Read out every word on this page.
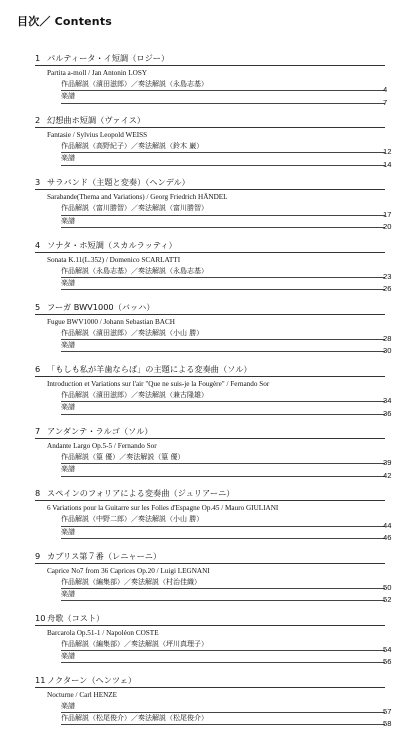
目次／ Contents
1 パルティータ・イ短調（ロジー）
Partita a-moll / Jan Antonin LOSY
作品解説（濱田滋郎）／奏法解説（永島志基）
4
楽譜
7
2 幻想曲ホ短調（ヴァイス）
Fantasie / Sylvius Leopold WEISS
作品解説（高野紀子）／奏法解説（鈴木 巌）
12
楽譜
14
3 サラバンド（主題と変奏）（ヘンデル）
Sarabande(Thema and Variations) / Georg Friedrich HÄNDEL
作品解説（富川勝智）／奏法解説（富川勝智）
17
楽譜
20
4 ソナタ・ホ短調（スカルラッティ）
Sonata K.11(L.352) / Domenico SCARLATTI
作品解説（永島志基）／奏法解説（永島志基）
23
楽譜
26
5 フーガ BWV1000（バッハ）
Fugue BWV1000 / Johann Sebastian BACH
作品解説（濱田滋郎）／奏法解説（小山 勝）
28
楽譜
30
6 「もしも私が羊歯ならば」の主題による変奏曲（ソル）
Introduction et Variations sur l'air "Que ne suis-je la Fougère" / Fernando Sor
作品解説（濱田滋郎）／奏法解説（兼古隆雄）
34
楽譜
36
7 アンダンテ・ラルゴ（ソル）
Andante Largo Op.5-5 / Fernando Sor
作品解説（篁 優）／奏法解説（篁 優）
39
楽譜
42
8 スペインのフォリアによる変奏曲（ジュリアーニ）
6 Variations pour la Guitarre sur les Folies d'Espagne Op.45 / Mauro GIULIANI
作品解説（中野二郎）／奏法解説（小山 勝）
44
楽譜
46
9 カプリス第７番（レニャーニ）
Caprice No7 from 36 Caprices Op.20 / Luigi LEGNANI
作品解説（編集部）／奏法解説（村治佳織）
50
楽譜
52
10 舟歌（コスト）
Barcarola Op.51-1 / Napoléon COSTE
作品解説（編集部）／奏法解説（坪川真理子）
54
楽譜
56
11 ノクターン（ヘンツェ）
Nocturne / Carl HENZE
楽譜
57
作品解説（松尾俊介）／奏法解説（松尾俊介）
58
